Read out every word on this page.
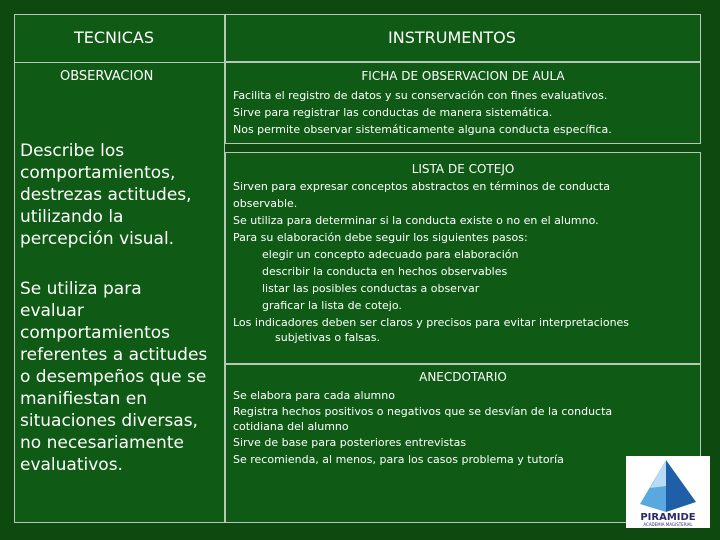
TECNICAS	INSTRUMENTOS
OBSERVACION
Describe los
comportamientos,
destrezas actitudes,
utilizando la
percepción visual.
Se utiliza para
evaluar
comportamientos
referentes a actitudes
o desempeños que se
manifiestan en
situaciones diversas,
no necesariamente
evaluativos.
FICHA DE OBSERVACION DE AULA
Facilita el registro de datos y su conservación con fines evaluativos.
Sirve para registrar las conductas de manera sistemática.
Nos permite observar sistemáticamente alguna conducta específica.
LISTA DE COTEJO
Sirven para expresar conceptos abstractos en términos de conducta
observable.
Se utiliza para determinar si la conducta existe o no en el alumno.
Para su elaboración debe seguir los siguientes pasos:
elegir un concepto adecuado para elaboración
describir la conducta en hechos observables
listar las posibles conductas a observar
graficar la lista de cotejo.
Los indicadores deben ser claros y precisos para evitar interpretaciones
subjetivas o falsas.
ANECDOTARIO
Se elabora para cada alumno
Registra hechos positivos o negativos que se desvían de la conducta
cotidiana del alumno
Sirve de base para posteriores entrevistas
Se recomienda, al menos, para los casos problema y tutoría
PIRAMIDE
ACADEMIA MAGISTERIAL
